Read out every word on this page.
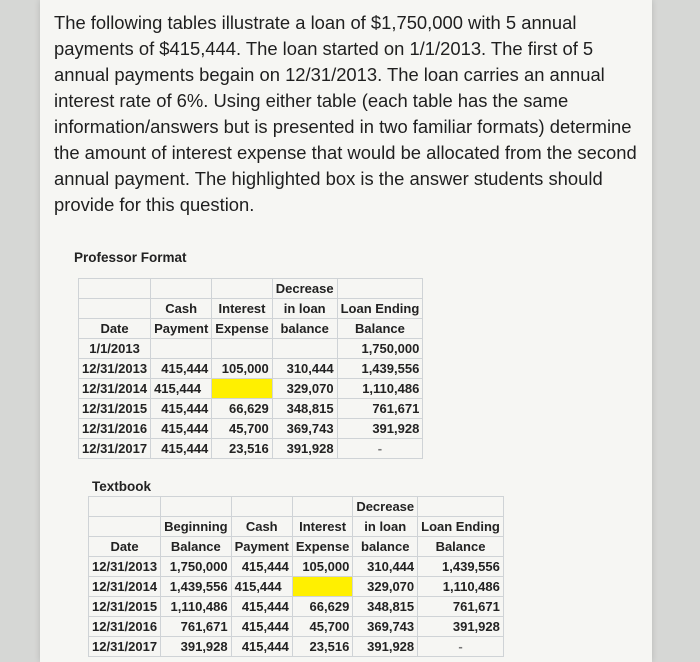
The following tables illustrate a loan of $1,750,000 with 5 annual
payments of $415,444. The loan started on 1/1/2013. The first of 5
annual payments begain on 12/31/2013. The loan carries an annual
interest rate of 6%. Using either table (each table has the same
information/answers but is presented in two familiar formats) determine
the amount of interest expense that would be allocated from the second
annual payment. The highlighted box is the answer students should
provide for this question.

Professor Format
			Decrease	
	Cash	Interest	in loan	Loan Ending
Date	Payment	Expense	balance	Balance
1/1/2013				1,750,000
12/31/2013	415,444	105,000	310,444	1,439,556
12/31/2014	415,444		329,070	1,110,486
12/31/2015	415,444	66,629	348,815	761,671
12/31/2016	415,444	45,700	369,743	391,928
12/31/2017	415,444	23,516	391,928	-
Textbook
				Decrease	
	Beginning	Cash	Interest	in loan	Loan Ending
Date	Balance	Payment	Expense	balance	Balance
12/31/2013	1,750,000	415,444	105,000	310,444	1,439,556
12/31/2014	1,439,556	415,444		329,070	1,110,486
12/31/2015	1,110,486	415,444	66,629	348,815	761,671
12/31/2016	761,671	415,444	45,700	369,743	391,928
12/31/2017	391,928	415,444	23,516	391,928	-
